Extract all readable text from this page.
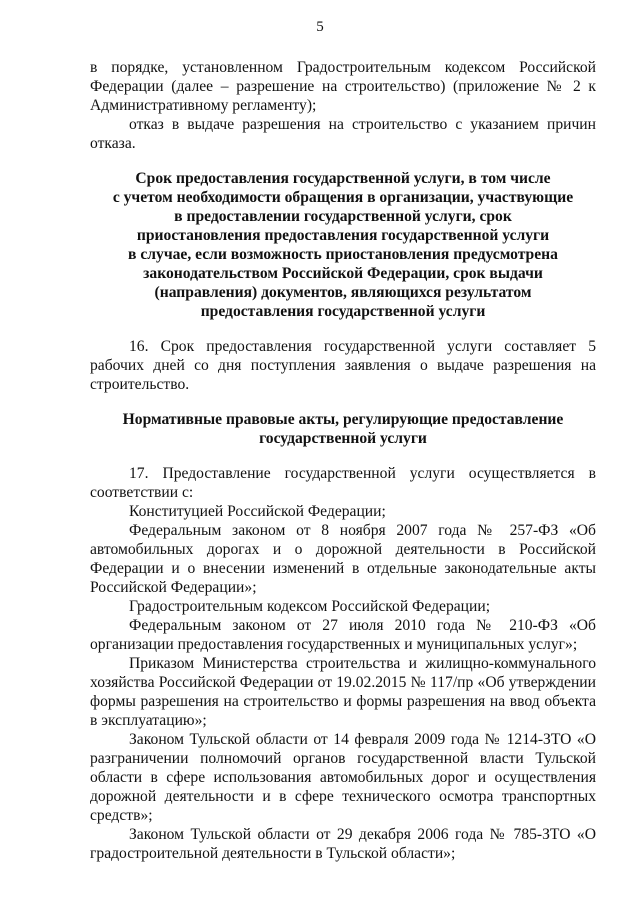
5

в порядке, установленном Градостроительным кодексом Российской Федерации (далее – разрешение на строительство) (приложение № 2 к Административному регламенту);

отказ в выдаче разрешения на строительство с указанием причин отказа.

Срок предоставления государственной услуги, в том числе
с учетом необходимости обращения в организации, участвующие
в предоставлении государственной услуги, срок
приостановления предоставления государственной услуги
в случае, если возможность приостановления предусмотрена
законодательством Российской Федерации, срок выдачи
(направления) документов, являющихся результатом
предоставления государственной услуги

16. Срок предоставления государственной услуги составляет 5 рабочих дней со дня поступления заявления о выдаче разрешения на строительство.

Нормативные правовые акты, регулирующие предоставление
государственной услуги

17. Предоставление государственной услуги осуществляется в соответствии с:

Конституцией Российской Федерации;

Федеральным законом от 8 ноября 2007 года № 257-ФЗ «Об автомобильных дорогах и о дорожной деятельности в Российской Федерации и о внесении изменений в отдельные законодательные акты Российской Федерации»;

Градостроительным кодексом Российской Федерации;

Федеральным законом от 27 июля 2010 года № 210-ФЗ «Об организации предоставления государственных и муниципальных услуг»;

Приказом Министерства строительства и жилищно-коммунального хозяйства Российской Федерации от 19.02.2015 № 117/пр «Об утверждении формы разрешения на строительство и формы разрешения на ввод объекта в эксплуатацию»;

Законом Тульской области от 14 февраля 2009 года № 1214-ЗТО «О разграничении полномочий органов государственной власти Тульской области в сфере использования автомобильных дорог и осуществления дорожной деятельности и в сфере технического осмотра транспортных средств»;

Законом Тульской области от 29 декабря 2006 года № 785-ЗТО «О градостроительной деятельности в Тульской области»;
